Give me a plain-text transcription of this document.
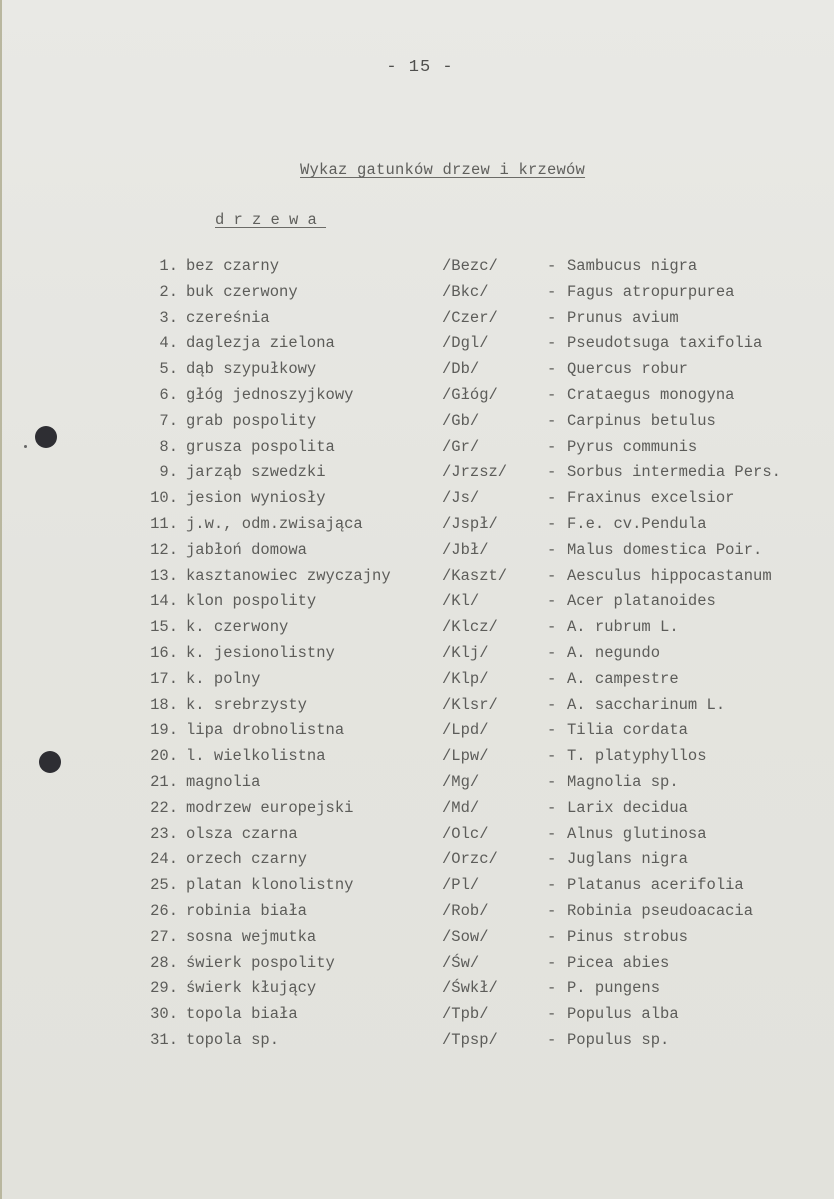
- 15 -
Wykaz gatunków drzew i krzewów
drzewa
1. bez czarny	/Bezc/	- Sambucus nigra
2. buk czerwony	/Bkc/	- Fagus atropurpurea
3. czereśnia	/Czer/	- Prunus avium
4. daglezja zielona	/Dgl/	- Pseudotsuga taxifolia
5. dąb szypułkowy	/Db/	- Quercus robur
6. głóg jednoszyjkowy	/Głóg/	- Crataegus monogyna
7. grab pospolity	/Gb/	- Carpinus betulus
8. grusza pospolita	/Gr/	- Pyrus communis
9. jarząb szwedzki	/Jrzsz/	- Sorbus intermedia Pers.
10. jesion wyniosły	/Js/	- Fraxinus excelsior
11. j.w., odm.zwisająca	/Jspł/	- F.e. cv.Pendula
12. jabłoń domowa	/Jbł/	- Malus domestica Poir.
13. kasztanowiec zwyczajny	/Kaszt/	- Aesculus hippocastanum
14. klon pospolity	/Kl/	- Acer platanoides
15. k. czerwony	/Klcz/	- A. rubrum L.
16. k. jesionolistny	/Klj/	- A. negundo
17. k. polny	/Klp/	- A. campestre
18. k. srebrzysty	/Klsr/	- A. saccharinum L.
19. lipa drobnolistna	/Lpd/	- Tilia cordata
20. l. wielkolistna	/Lpw/	- T. platyphyllos
21. magnolia	/Mg/	- Magnolia sp.
22. modrzew europejski	/Md/	- Larix decidua
23. olsza czarna	/Olc/	- Alnus glutinosa
24. orzech czarny	/Orzc/	- Juglans nigra
25. platan klonolistny	/Pl/	- Platanus acerifolia
26. robinia biała	/Rob/	- Robinia pseudoacacia
27. sosna wejmutka	/Sow/	- Pinus strobus
28. świerk pospolity	/Św/	- Picea abies
29. świerk kłujący	/Śwkł/	- P. pungens
30. topola biała	/Tpb/	- Populus alba
31. topola sp.	/Tpsp/	- Populus sp.
